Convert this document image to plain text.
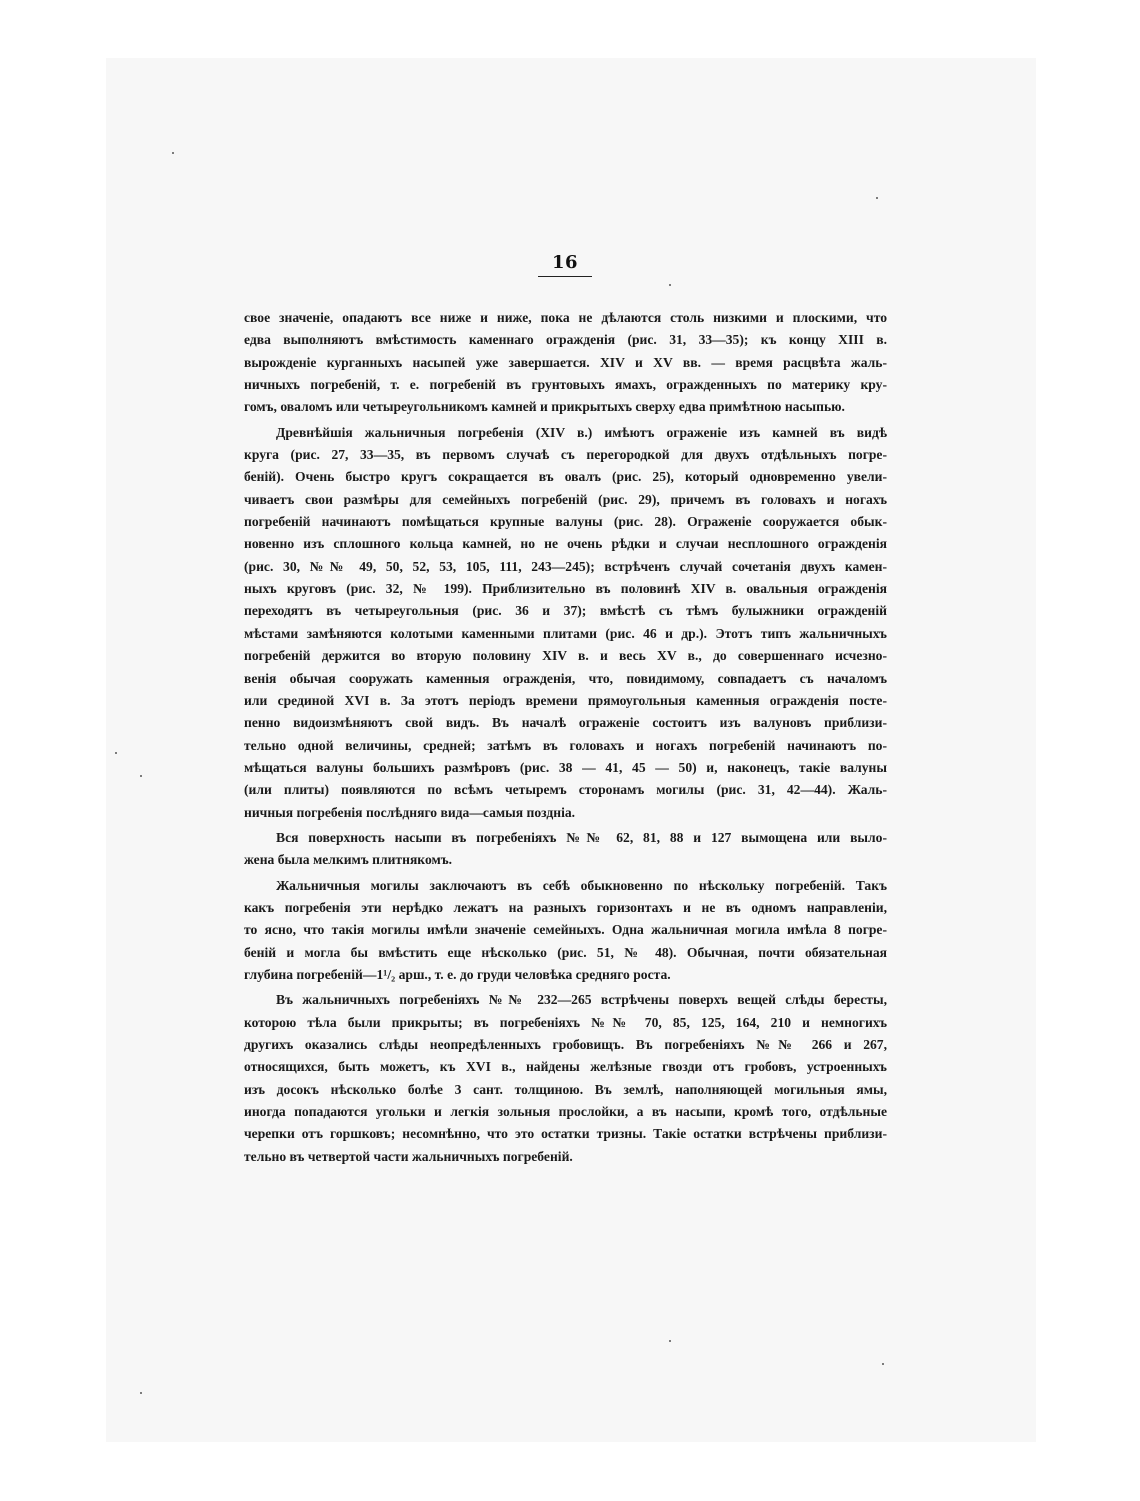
16
свое значеніе, опадаютъ все ниже и ниже, пока не дѣлаются столь низкими и плоскими, что
едва выполняютъ вмѣстимость каменнаго огражденія (рис. 31, 33—35); къ концу XIII в.
вырожденіе курганныхъ насыпей уже завершается. XIV и XV вв. — время расцвѣта жаль-
ничныхъ погребеній, т. е. погребеній въ грунтовыхъ ямахъ, огражденныхъ по материку кру-
гомъ, оваломъ или четыреугольникомъ камней и прикрытыхъ сверху едва примѣтною насыпью.
Древнѣйшія жальничныя погребенія (XIV в.) имѣютъ ограженіе изъ камней въ видѣ
круга (рис. 27, 33—35, въ первомъ случаѣ съ перегородкой для двухъ отдѣльныхъ погре-
беній). Очень быстро кругъ сокращается въ овалъ (рис. 25), который одновременно увели-
чиваетъ свои размѣры для семейныхъ погребеній (рис. 29), причемъ въ головахъ и ногахъ
погребеній начинаютъ помѣщаться крупные валуны (рис. 28). Ограженіе сооружается обык-
новенно изъ сплошного кольца камней, но не очень рѣдки и случаи несплошного огражденія
(рис. 30, №№ 49, 50, 52, 53, 105, 111, 243—245); встрѣченъ случай сочетанія двухъ камен-
ныхъ круговъ (рис. 32, № 199). Приблизительно въ половинѣ XIV в. овальныя огражденія
переходятъ въ четыреугольныя (рис. 36 и 37); вмѣстѣ съ тѣмъ булыжники огражденій
мѣстами замѣняются колотыми каменными плитами (рис. 46 и др.). Этотъ типъ жальничныхъ
погребеній держится во вторую половину XIV в. и весь XV в., до совершеннаго исчезно-
венія обычая сооружать каменныя огражденія, что, повидимому, совпадаетъ съ началомъ
или срединой XVI в. За этотъ періодъ времени прямоугольныя каменныя огражденія посте-
пенно видоизмѣняютъ свой видъ. Въ началѣ ограженіе состоитъ изъ валуновъ приблизи-
тельно одной величины, средней; затѣмъ въ головахъ и ногахъ погребеній начинаютъ по-
мѣщаться валуны большихъ размѣровъ (рис. 38 — 41, 45 — 50) и, наконецъ, такіе валуны
(или плиты) появляются по всѣмъ четыремъ сторонамъ могилы (рис. 31, 42—44). Жаль-
ничныя погребенія послѣдняго вида—самыя поздніа.
Вся поверхность насыпи въ погребеніяхъ №№ 62, 81, 88 и 127 вымощена или выло-
жена была мелкимъ плитнякомъ.
Жальничныя могилы заключаютъ въ себѣ обыкновенно по нѣскольку погребеній. Такъ
какъ погребенія эти нерѣдко лежатъ на разныхъ горизонтахъ и не въ одномъ направленіи,
то ясно, что такія могилы имѣли значеніе семейныхъ. Одна жальничная могила имѣла 8 погре-
беній и могла бы вмѣстить еще нѣсколько (рис. 51, № 48). Обычная, почти обязательная
глубина погребеній—1¹/₂ арш., т. е. до груди человѣка средняго роста.
Въ жальничныхъ погребеніяхъ №№ 232—265 встрѣчены поверхъ вещей слѣды бересты,
которою тѣла были прикрыты; въ погребеніяхъ №№ 70, 85, 125, 164, 210 и немногихъ
другихъ оказались слѣды неопредѣленныхъ гробовищъ. Въ погребеніяхъ №№ 266 и 267,
относящихся, быть можетъ, къ XVI в., найдены желѣзные гвозди отъ гробовъ, устроенныхъ
изъ досокъ нѣсколько болѣе 3 сант. толщиною. Въ землѣ, наполняющей могильныя ямы,
иногда попадаются угольки и легкія зольныя прослойки, а въ насыпи, кромѣ того, отдѣльные
черепки отъ горшковъ; несомнѣнно, что это остатки тризны. Такіе остатки встрѣчены приблизи-
тельно въ четвертой части жальничныхъ погребеній.
